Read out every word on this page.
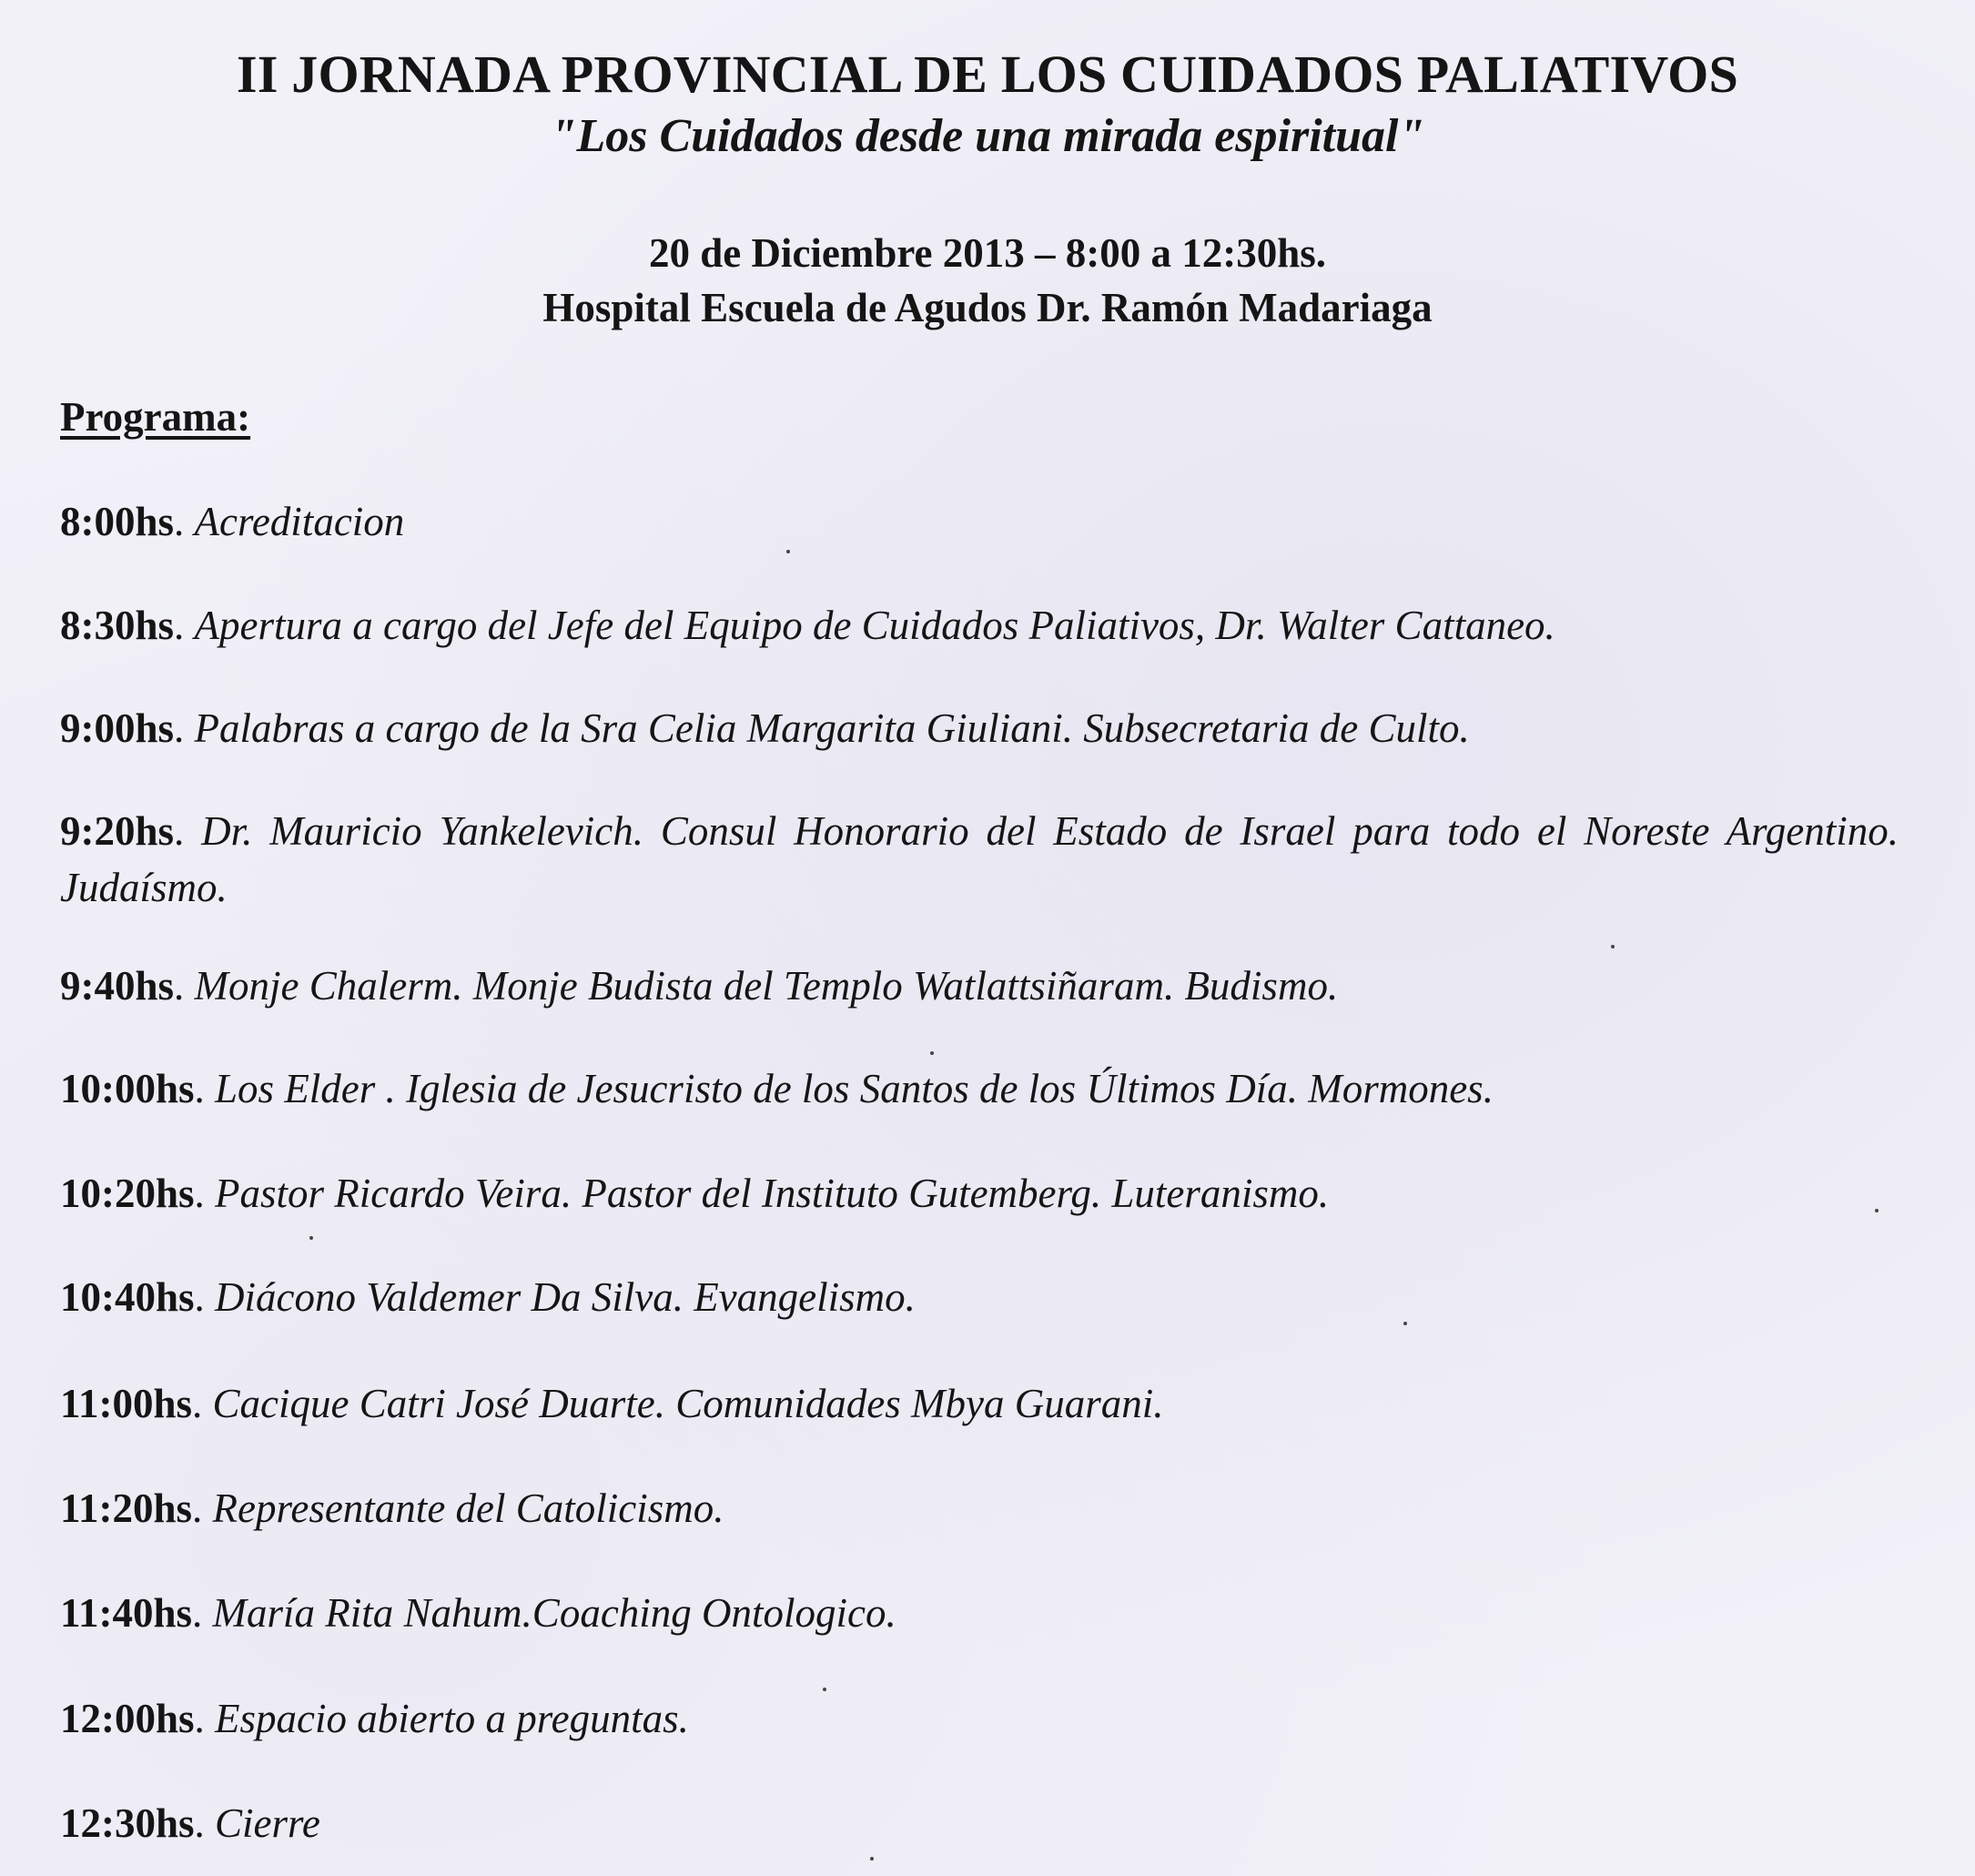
II JORNADA PROVINCIAL DE LOS CUIDADOS PALIATIVOS
"Los Cuidados desde una mirada espiritual"
20 de Diciembre 2013 – 8:00 a 12:30hs.
Hospital Escuela de Agudos Dr. Ramón Madariaga
Programa:
8:00hs. Acreditacion
8:30hs. Apertura a cargo del Jefe del Equipo de Cuidados Paliativos, Dr. Walter Cattaneo.
9:00hs. Palabras a cargo de la Sra Celia Margarita Giuliani. Subsecretaria de Culto.
9:20hs. Dr. Mauricio Yankelevich. Consul Honorario del Estado de Israel para todo el Noreste Argentino. Judaísmo.
9:40hs. Monje Chalerm. Monje Budista del Templo Watlattsiñaram. Budismo.
10:00hs. Los Elder . Iglesia de Jesucristo de los Santos de los Últimos Día. Mormones.
10:20hs. Pastor Ricardo Veira. Pastor del Instituto Gutemberg. Luteranismo.
10:40hs. Diácono Valdemer Da Silva. Evangelismo.
11:00hs. Cacique Catri José Duarte. Comunidades Mbya Guarani.
11:20hs. Representante del Catolicismo.
11:40hs. María Rita Nahum.Coaching Ontologico.
12:00hs. Espacio abierto a preguntas.
12:30hs. Cierre
